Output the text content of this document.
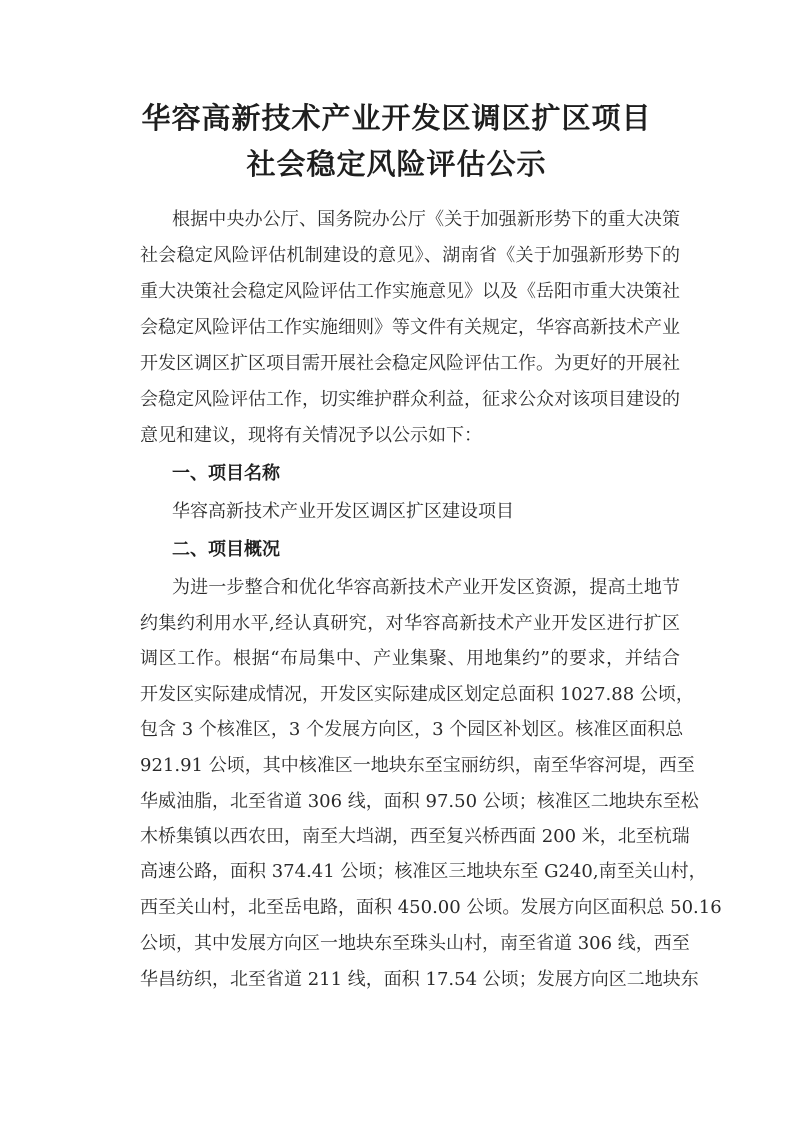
华容高新技术产业开发区调区扩区项目
社会稳定风险评估公示
根据中央办公厅、国务院办公厅《关于加强新形势下的重大决策
社会稳定风险评估机制建设的意见》、湖南省《关于加强新形势下的
重大决策社会稳定风险评估工作实施意见》以及《岳阳市重大决策社
会稳定风险评估工作实施细则》等文件有关规定，华容高新技术产业
开发区调区扩区项目需开展社会稳定风险评估工作。为更好的开展社
会稳定风险评估工作，切实维护群众利益，征求公众对该项目建设的
意见和建议，现将有关情况予以公示如下：
一、项目名称
华容高新技术产业开发区调区扩区建设项目
二、项目概况
为进一步整合和优化华容高新技术产业开发区资源，提高土地节
约集约利用水平,经认真研究，对华容高新技术产业开发区进行扩区
调区工作。根据“布局集中、产业集聚、用地集约”的要求，并结合
开发区实际建成情况，开发区实际建成区划定总面积 1027.88 公顷，
包含 3 个核准区，3 个发展方向区，3 个园区补划区。核准区面积总
921.91 公顷，其中核准区一地块东至宝丽纺织，南至华容河堤，西至
华威油脂，北至省道 306 线，面积 97.50 公顷；核准区二地块东至松
木桥集镇以西农田，南至大垱湖，西至复兴桥西面 200 米，北至杭瑞
高速公路，面积 374.41 公顷；核准区三地块东至 G240,南至关山村，
西至关山村，北至岳电路，面积 450.00 公顷。发展方向区面积总 50.16
公顷，其中发展方向区一地块东至珠头山村，南至省道 306 线，西至
华昌纺织，北至省道 211 线，面积 17.54 公顷；发展方向区二地块东
